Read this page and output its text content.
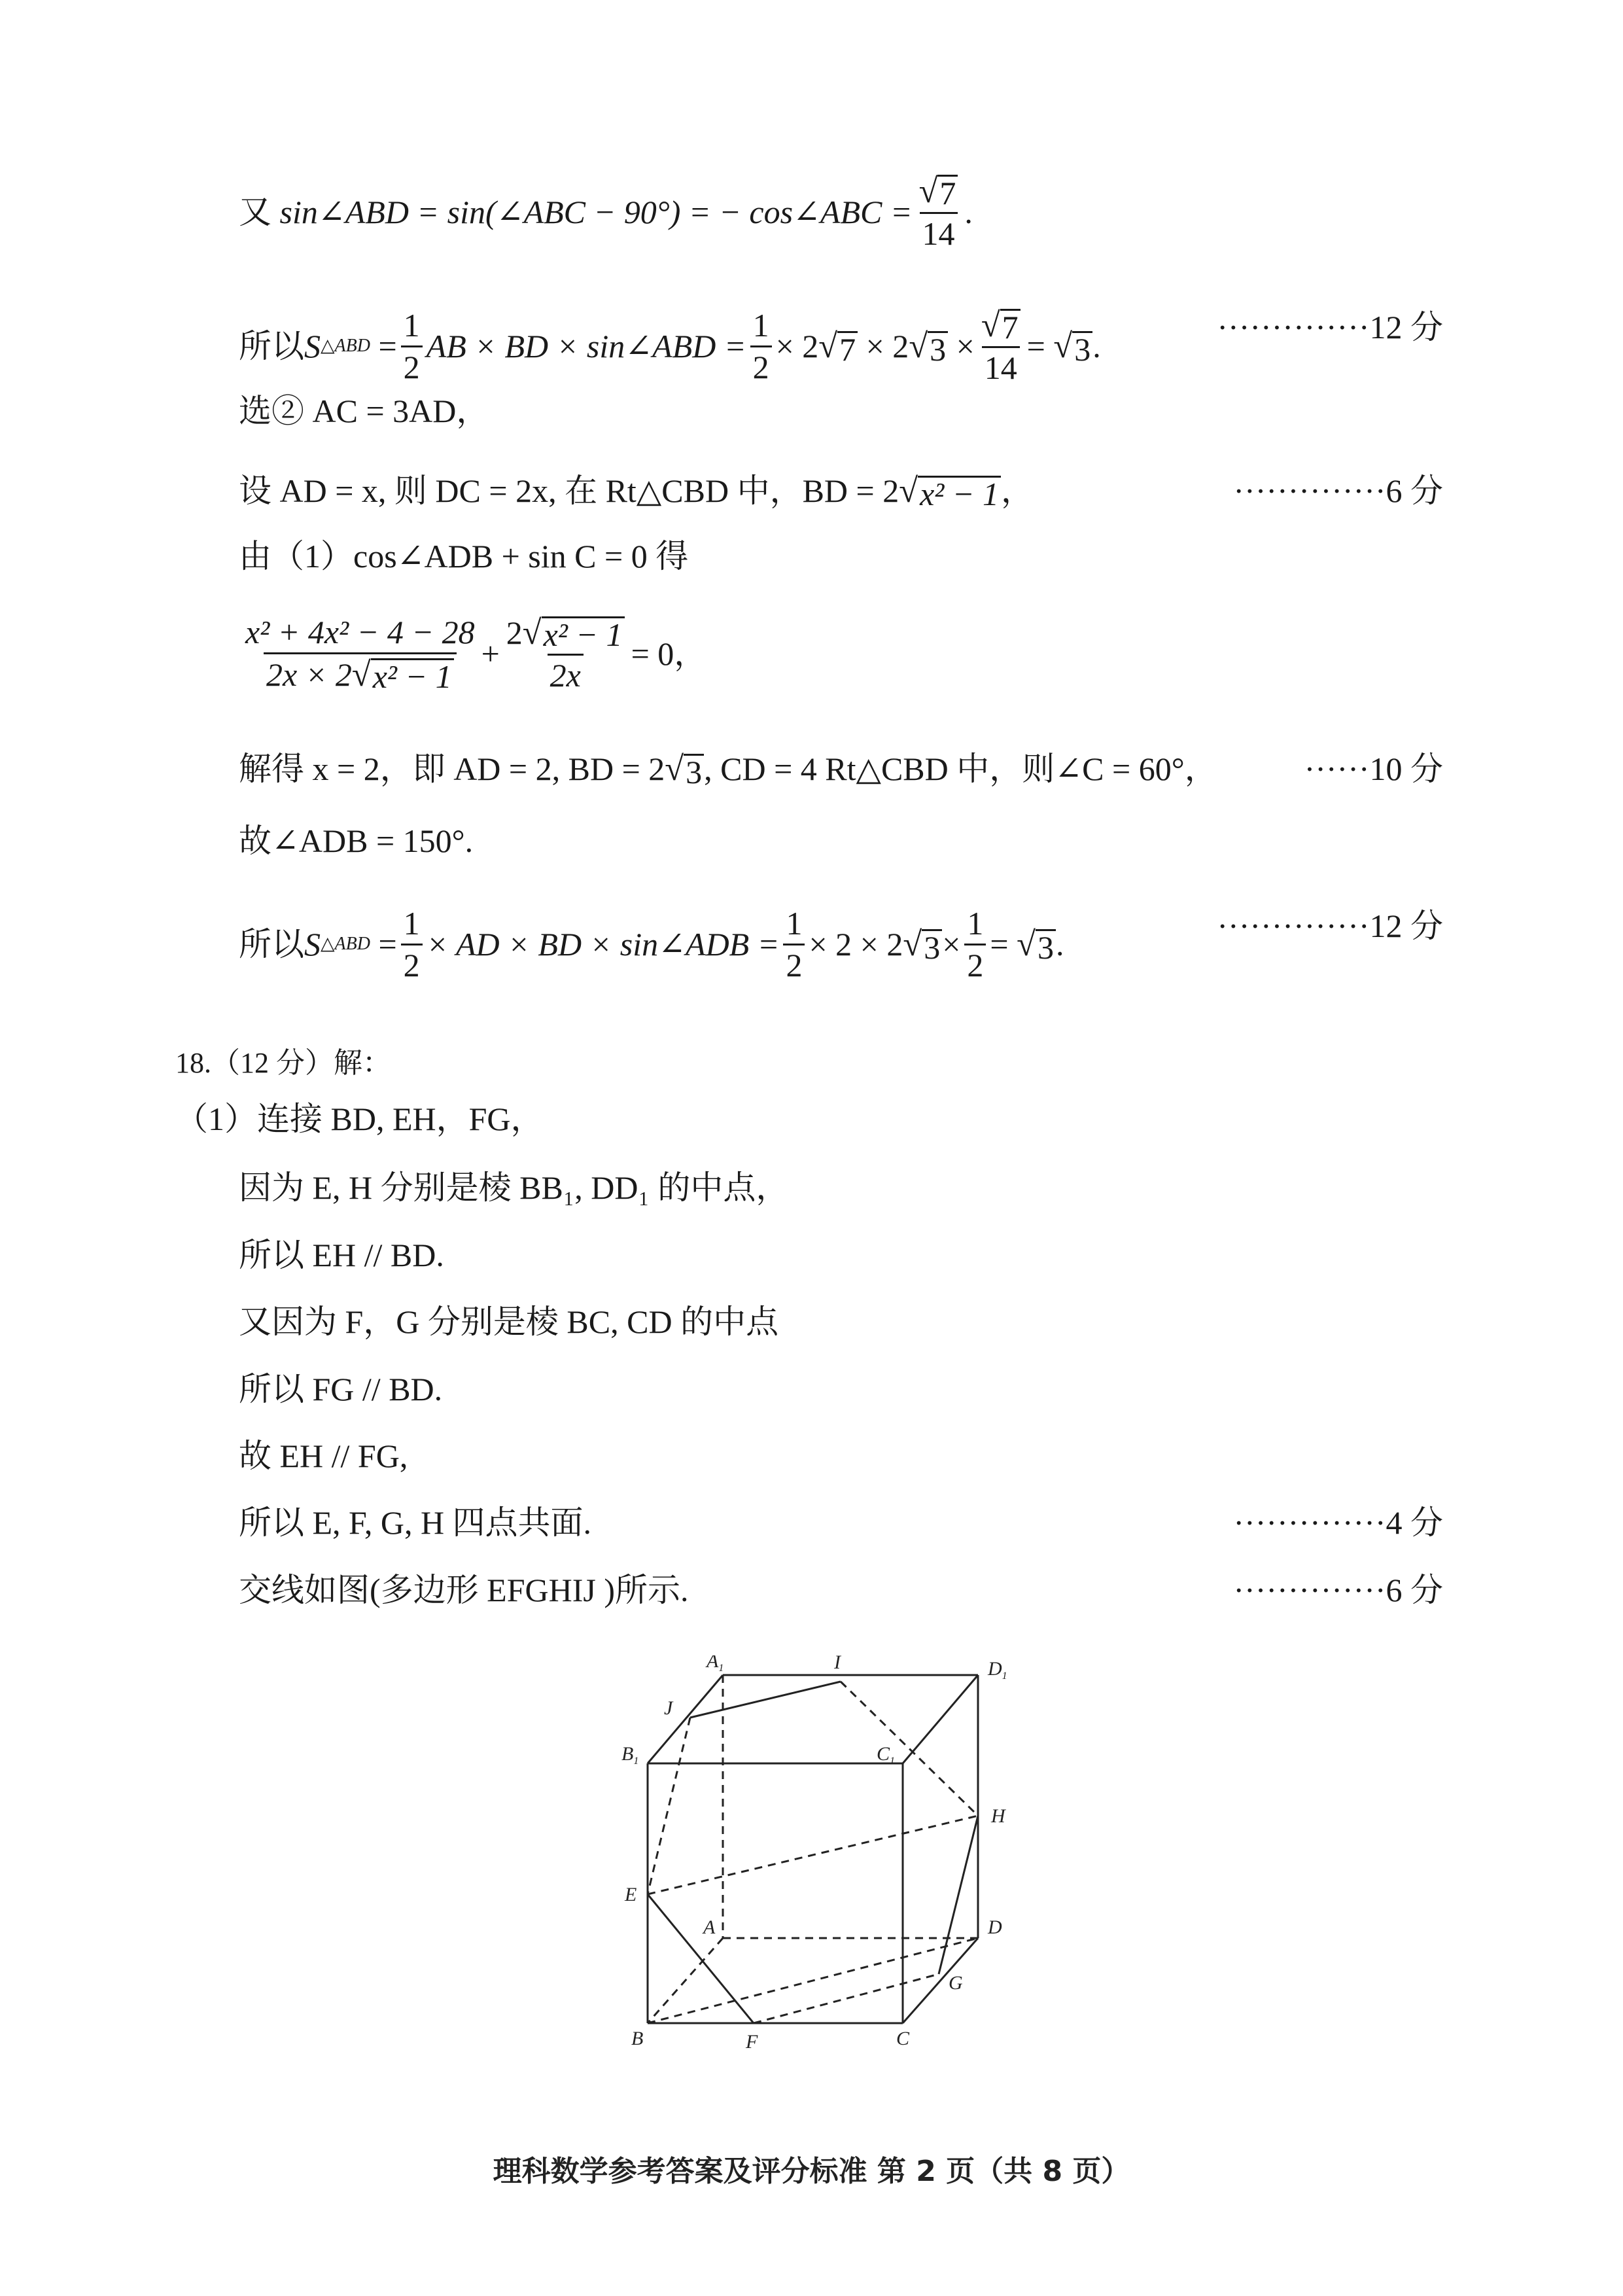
又
sin∠ABD = sin(∠ABC − 90°) = − cos∠ABC = $\frac{√ 7}{14}$ .
所以 S △ABD
= $\frac{1}{2}$ AB × BD × sin∠ABD = $\frac{1}{2} \times 2$ √ 7
× 2 √ 3
× $\frac{√ 7}{14}$ =
√ 3 .
··············12 分
选② AC = 3AD，
设 AD = x, 则 DC = 2x, 在 Rt△CBD 中，BD = 2 √ x² − 1 ，	··············6 分
由（1）cos∠ADB + sin C = 0 得
$\frac{\text{x² + 4x² − 4 − 28}}{\text{2x × 2 √ x² − 1}} + \frac{\text{2 √ x² − 1}}{2x} = 0$，
解得 x = 2，即 AD = 2, BD = 2 √ 3 , CD = 4 Rt△CBD 中，则∠C = 60°，	······10 分
故∠ADB = 150°.
所以 S △ABD
= $\frac{1}{2}$ × AD × BD × sin∠ADB = $\frac{1}{2} \times 2 \times 2$ √ $3 \times \frac{1}{2}$ =
√ 3 .	··············12 分
18.（12 分）解：
（1）连接 BD, EH，FG，
因为 E, H 分别是棱 BB₁, DD₁ 的中点，
所以 EH // BD.
又因为 F，G 分别是棱 BC, CD 的中点
所以 FG // BD.
故 EH // FG,
所以 E, F, G, H 四点共面.	··············4 分
交线如图(多边形 EFGHIJ )所示.	··············6 分
$A_1$	I	$D_1$
J
$B_1$	$C_1$
H
E
A	D
G
B	F	C
理科数学参考答案及评分标准 第 2 页（共 8 页）
